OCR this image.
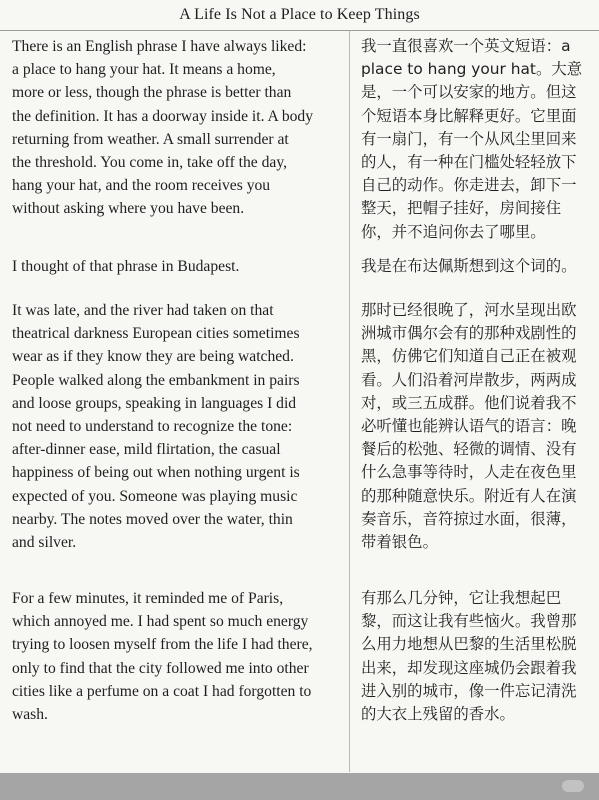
A Life Is Not a Place to Keep Things
There is an English phrase I have always liked:
a place to hang your hat. It means a home,
more or less, though the phrase is better than
the definition. It has a doorway inside it. A body
returning from weather. A small surrender at
the threshold. You come in, take off the day,
hang your hat, and the room receives you
without asking where you have been.
我一直很喜欢一个英文短语：a
place to hang your hat。大意
是，一个可以安家的地方。但这
个短语本身比解释更好。它里面
有一扇门，有一个从风尘里回来
的人，有一种在门槛处轻轻放下
自己的动作。你走进去，卸下一
整天，把帽子挂好，房间接住
你，并不追问你去了哪里。
I thought of that phrase in Budapest.	我是在布达佩斯想到这个词的。
It was late, and the river had taken on that
theatrical darkness European cities sometimes
wear as if they know they are being watched.
People walked along the embankment in pairs
and loose groups, speaking in languages I did
not need to understand to recognize the tone:
after-dinner ease, mild flirtation, the casual
happiness of being out when nothing urgent is
expected of you. Someone was playing music
nearby. The notes moved over the water, thin
and silver.
那时已经很晚了，河水呈现出欧
洲城市偶尔会有的那种戏剧性的
黑，仿佛它们知道自己正在被观
看。人们沿着河岸散步，两两成
对，或三五成群。他们说着我不
必听懂也能辨认语气的语言：晚
餐后的松弛、轻微的调情、没有
什么急事等待时，人走在夜色里
的那种随意快乐。附近有人在演
奏音乐，音符掠过水面，很薄，
带着银色。
For a few minutes, it reminded me of Paris,
which annoyed me. I had spent so much energy
trying to loosen myself from the life I had there,
only to find that the city followed me into other
cities like a perfume on a coat I had forgotten to
wash.
有那么几分钟，它让我想起巴
黎，而这让我有些恼火。我曾那
么用力地想从巴黎的生活里松脱
出来，却发现这座城仍会跟着我
进入别的城市，像一件忘记清洗
的大衣上残留的香水。
